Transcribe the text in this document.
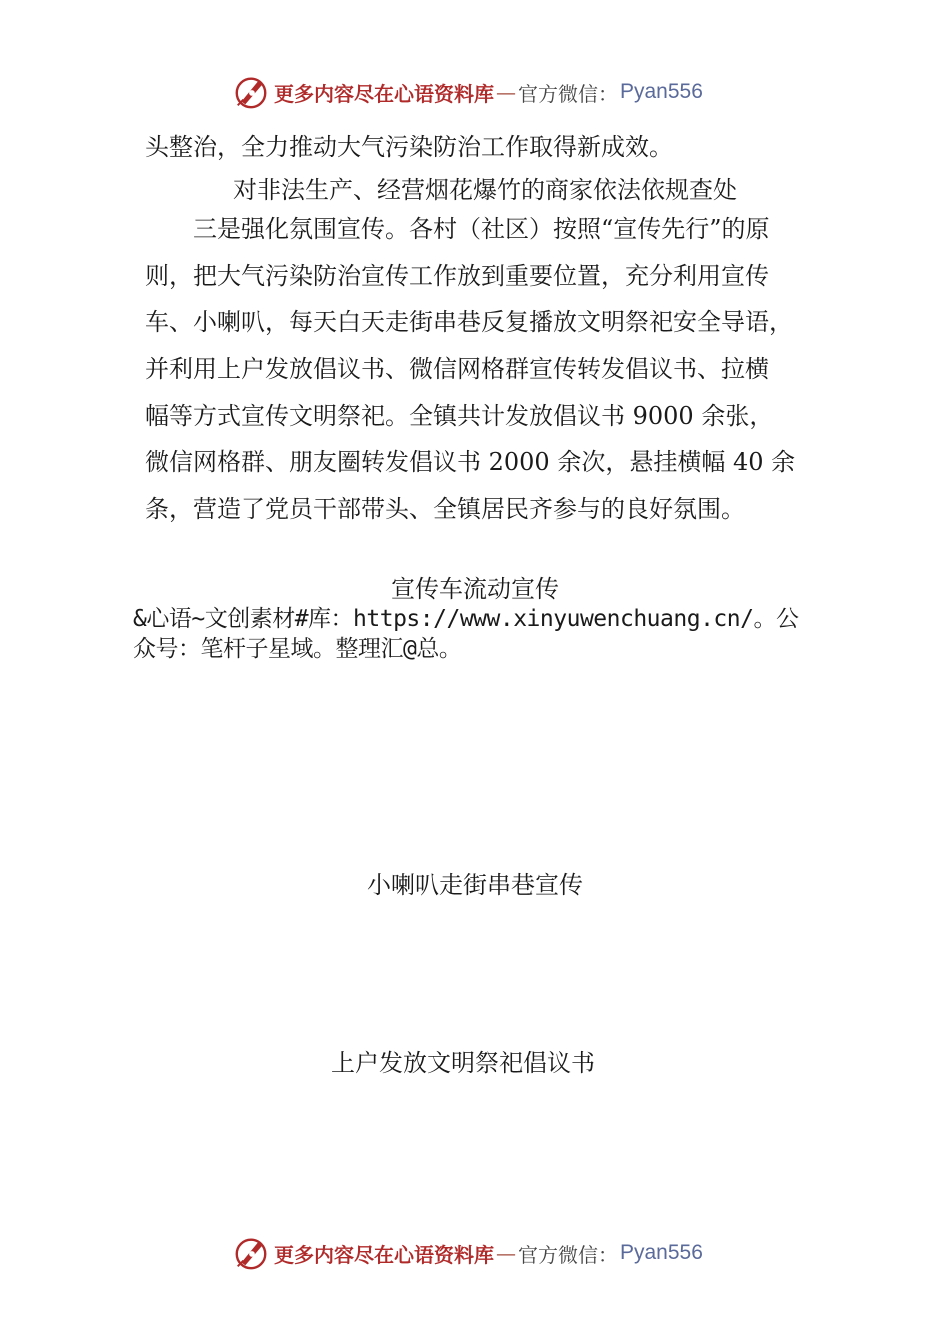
更多内容尽在心语资料库 — 官方微信： Pyan556
头整治，全力推动大气污染防治工作取得新成效。
对非法生产、经营烟花爆竹的商家依法依规查处
　　三是强化氛围宣传。各村（社区）按照“宣传先行”的原
则，把大气污染防治宣传工作放到重要位置，充分利用宣传
车、小喇叭，每天白天走街串巷反复播放文明祭祀安全导语，
并利用上户发放倡议书、微信网格群宣传转发倡议书、拉横
幅等方式宣传文明祭祀。全镇共计发放倡议书 9000 余张，
微信网格群、朋友圈转发倡议书 2000 余次，悬挂横幅 40 余
条，营造了党员干部带头、全镇居民齐参与的良好氛围。
宣传车流动宣传
&心语~文创素材#库：https://www.xinyuwenchuang.cn/。公
众号：笔杆子星域。整理汇@总。
小喇叭走街串巷宣传
上户发放文明祭祀倡议书
更多内容尽在心语资料库 — 官方微信： Pyan556
